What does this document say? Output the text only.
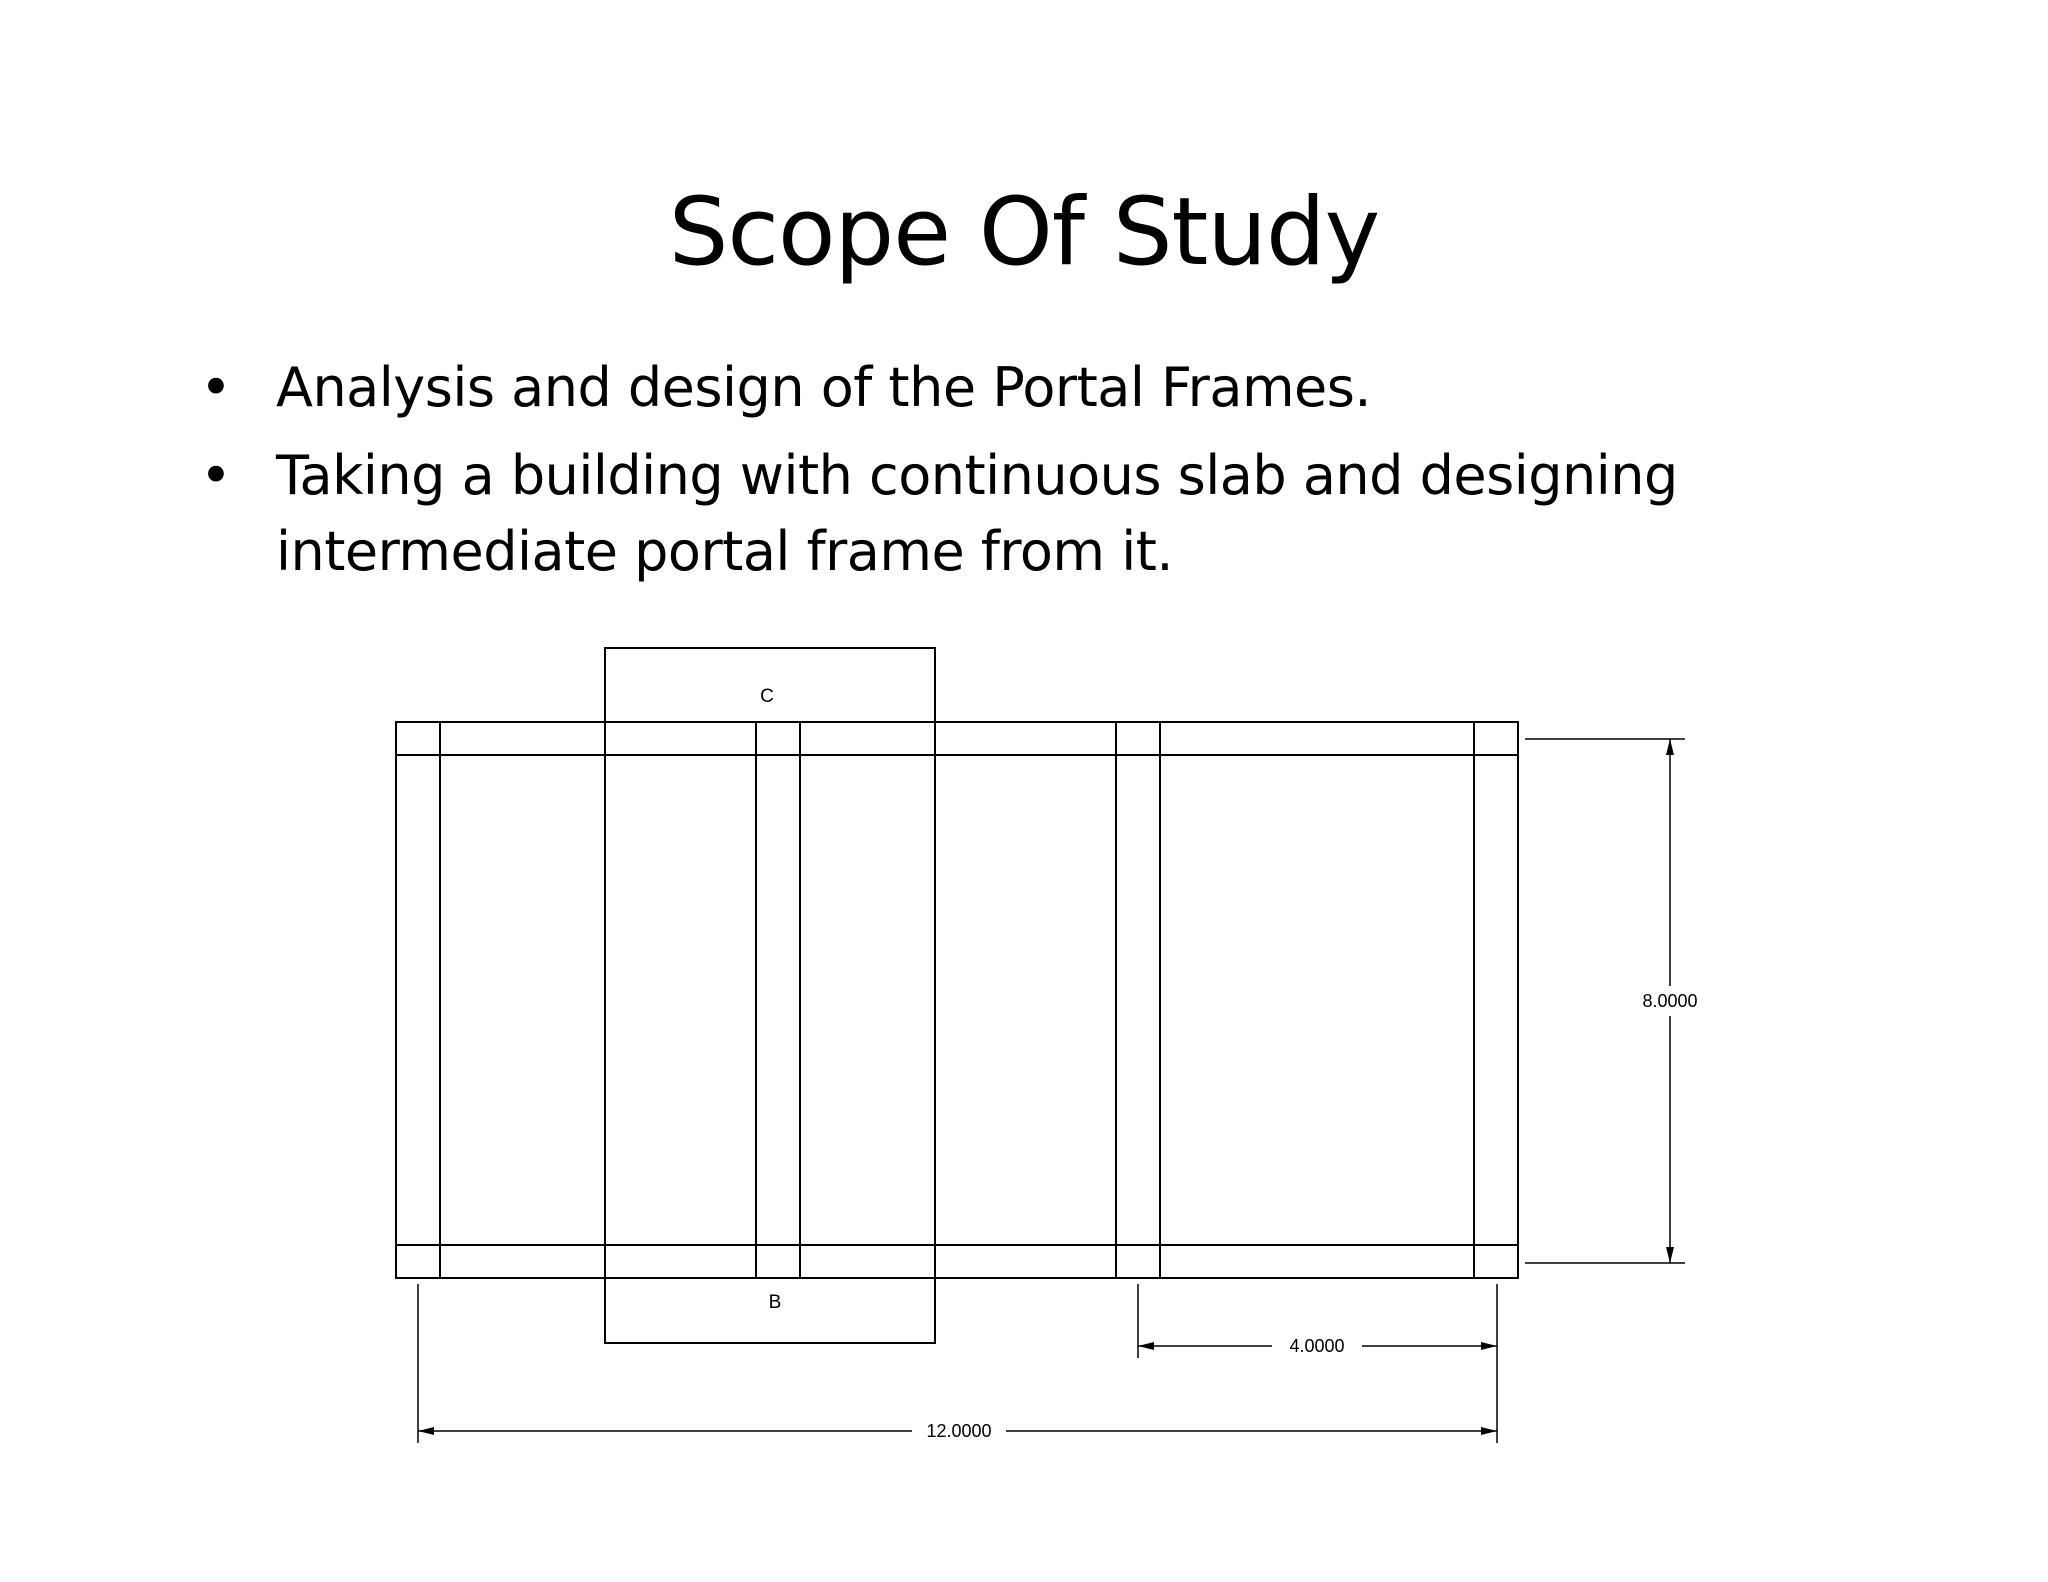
Scope Of Study
• Analysis and design of the Portal Frames.
• Taking a building with continuous slab and designing intermediate portal frame from it.
C
B
8.0000
4.0000
12.0000
